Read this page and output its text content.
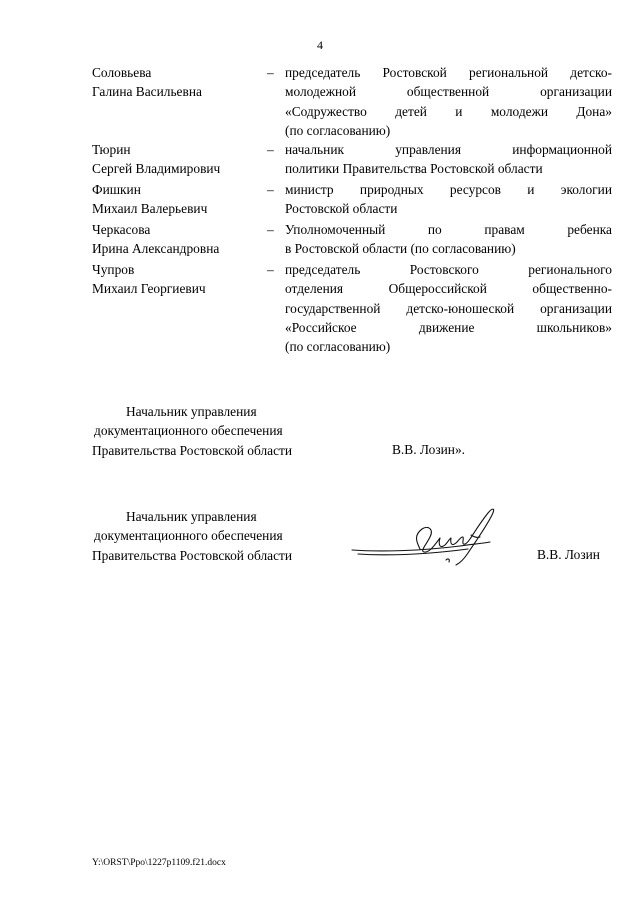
4
Соловьева
Галина Васильевна
– председатель Ростовской региональной детско-
молодежной общественной организации
«Содружество детей и молодежи Дона»
(по согласованию)
Тюрин
Сергей Владимирович
– начальник управления информационной
политики Правительства Ростовской области
Фишкин
Михаил Валерьевич
– министр природных ресурсов и экологии
Ростовской области
Черкасова
Ирина Александровна
– Уполномоченный по правам ребенка
в Ростовской области (по согласованию)
Чупров
Михаил Георгиевич
– председатель Ростовского регионального
отделения Общероссийской общественно-
государственной детско-юношеской организации
«Российское движение школьников»
(по согласованию)
Начальник управления
документационного обеспечения
Правительства Ростовской области	В.В. Лозин».
Начальник управления
документационного обеспечения
Правительства Ростовской области	В.В. Лозин
Y:\ORST\Ppo\1227p1109.f21.docx
